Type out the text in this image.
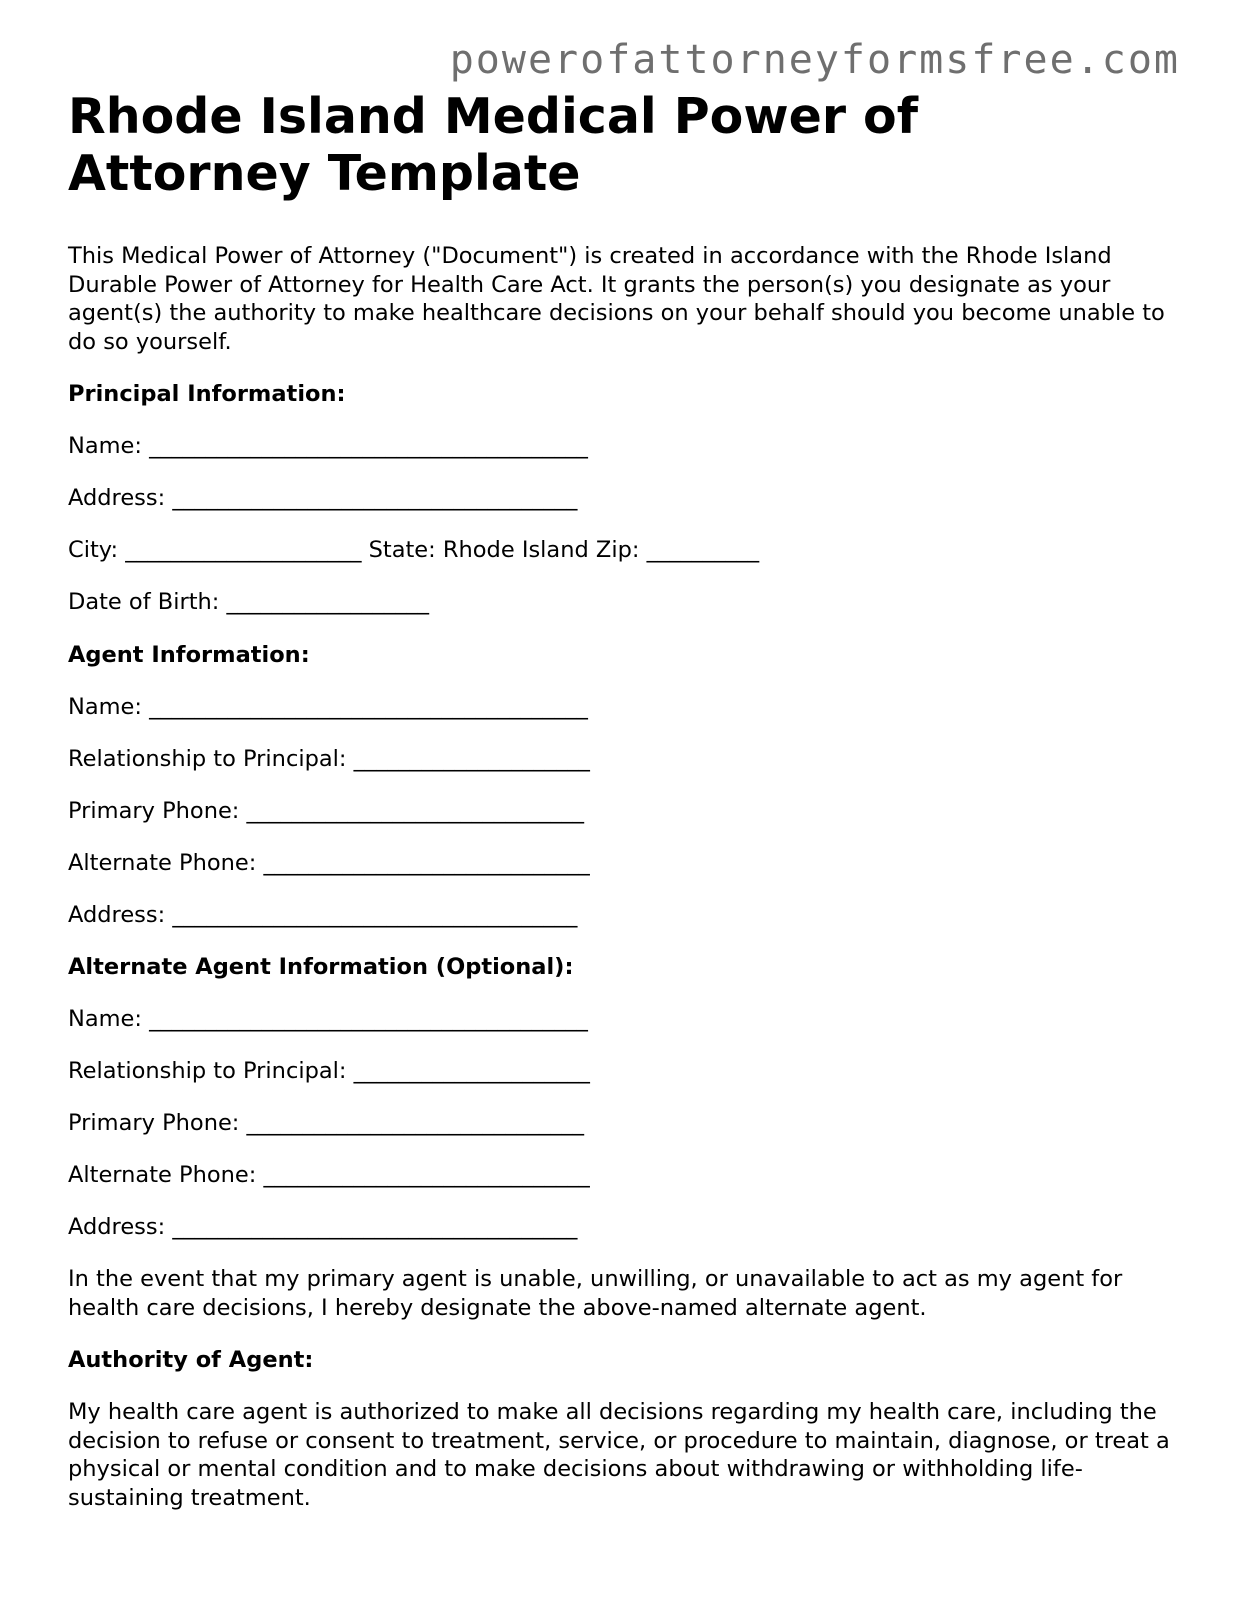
powerofattorneyformsfree.com
Rhode Island Medical Power of Attorney Template

This Medical Power of Attorney ("Document") is created in accordance with the Rhode Island Durable Power of Attorney for Health Care Act. It grants the person(s) you designate as your agent(s) the authority to make healthcare decisions on your behalf should you become unable to do so yourself.

Principal Information:
Name: _______________________________________
Address: ____________________________________
City: _____________________ State: Rhode Island Zip: __________
Date of Birth: __________________
Agent Information:
Name: _______________________________________
Relationship to Principal: _____________________
Primary Phone: ______________________________
Alternate Phone: _____________________________
Address: ____________________________________
Alternate Agent Information (Optional):
Name: _______________________________________
Relationship to Principal: _____________________
Primary Phone: ______________________________
Alternate Phone: _____________________________
Address: ____________________________________

In the event that my primary agent is unable, unwilling, or unavailable to act as my agent for health care decisions, I hereby designate the above-named alternate agent.

Authority of Agent:

My health care agent is authorized to make all decisions regarding my health care, including the decision to refuse or consent to treatment, service, or procedure to maintain, diagnose, or treat a physical or mental condition and to make decisions about withdrawing or withholding life-sustaining treatment.
